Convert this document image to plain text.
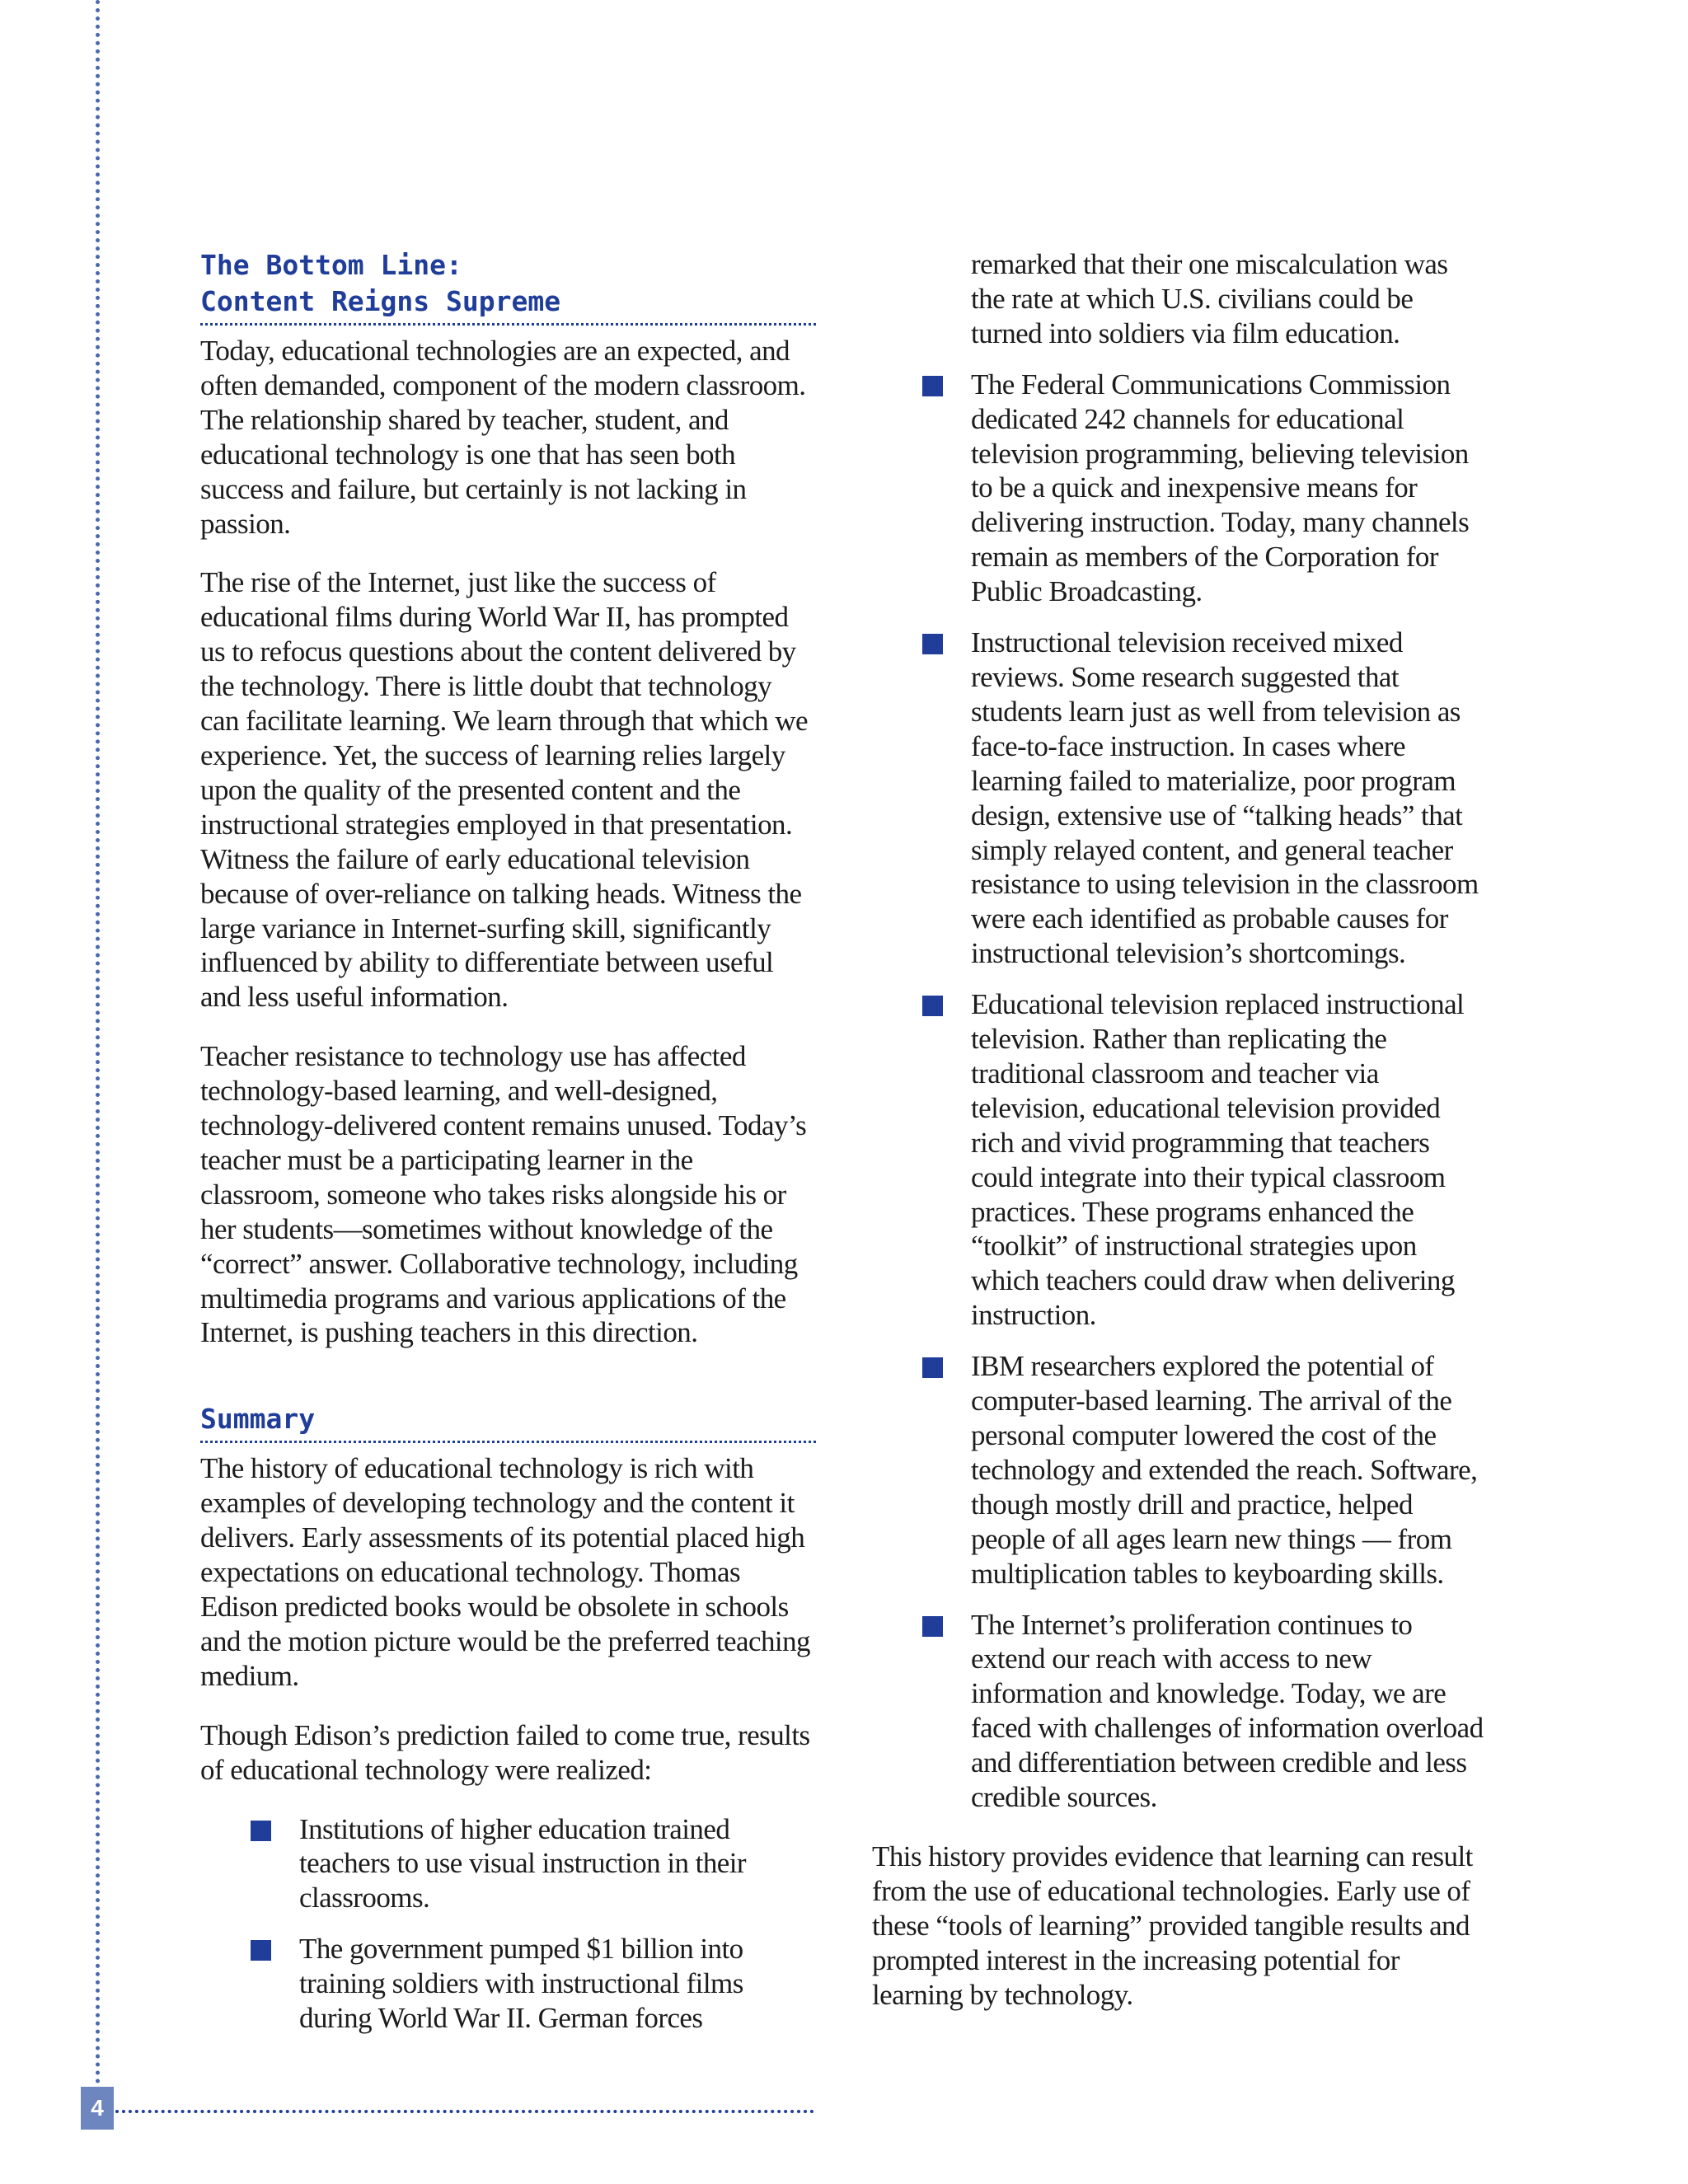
4
The Bottom Line:
Content Reigns Supreme

Today, educational technologies are an expected, and often demanded, component of the modern classroom. The relationship shared by teacher, student, and educational technology is one that has seen both success and failure, but certainly is not lacking in passion.

The rise of the Internet, just like the success of educational films during World War II, has prompted us to refocus questions about the content delivered by the technology. There is little doubt that technology can facilitate learning. We learn through that which we experience. Yet, the success of learning relies largely upon the quality of the presented content and the instructional strategies employed in that presentation. Witness the failure of early educational television because of over-reliance on talking heads. Witness the large variance in Internet-surfing skill, significantly influenced by ability to differentiate between useful and less useful information.

Teacher resistance to technology use has affected technology-based learning, and well-designed, technology-delivered content remains unused. Today’s teacher must be a participating learner in the classroom, someone who takes risks alongside his or her students—sometimes without knowledge of the “correct” answer. Collaborative technology, including multimedia programs and various applications of the Internet, is pushing teachers in this direction.

Summary

The history of educational technology is rich with examples of developing technology and the content it delivers. Early assessments of its potential placed high expectations on educational technology. Thomas Edison predicted books would be obsolete in schools and the motion picture would be the preferred teaching medium.

Though Edison’s prediction failed to come true, results of educational technology were realized:

Institutions of higher education trained teachers to use visual instruction in their classrooms.
The government pumped $1 billion into training soldiers with instructional films during World War II. German forces
remarked that their one miscalculation was the rate at which U.S. civilians could be turned into soldiers via film education.
The Federal Communications Commission dedicated 242 channels for educational television programming, believing television to be a quick and inexpensive means for delivering instruction. Today, many channels remain as members of the Corporation for Public Broadcasting.
Instructional television received mixed reviews. Some research suggested that students learn just as well from television as face-to-face instruction. In cases where learning failed to materialize, poor program design, extensive use of “talking heads” that simply relayed content, and general teacher resistance to using television in the classroom were each identified as probable causes for instructional television’s shortcomings.
Educational television replaced instructional television. Rather than replicating the traditional classroom and teacher via television, educational television provided rich and vivid programming that teachers could integrate into their typical classroom practices. These programs enhanced the “toolkit” of instructional strategies upon which teachers could draw when delivering instruction.
IBM researchers explored the potential of computer-based learning. The arrival of the personal computer lowered the cost of the technology and extended the reach. Software, though mostly drill and practice, helped people of all ages learn new things — from multiplication tables to keyboarding skills.
The Internet’s proliferation continues to extend our reach with access to new information and knowledge. Today, we are faced with challenges of information overload and differentiation between credible and less credible sources.

This history provides evidence that learning can result from the use of educational technologies. Early use of these “tools of learning” provided tangible results and prompted interest in the increasing potential for learning by technology.
